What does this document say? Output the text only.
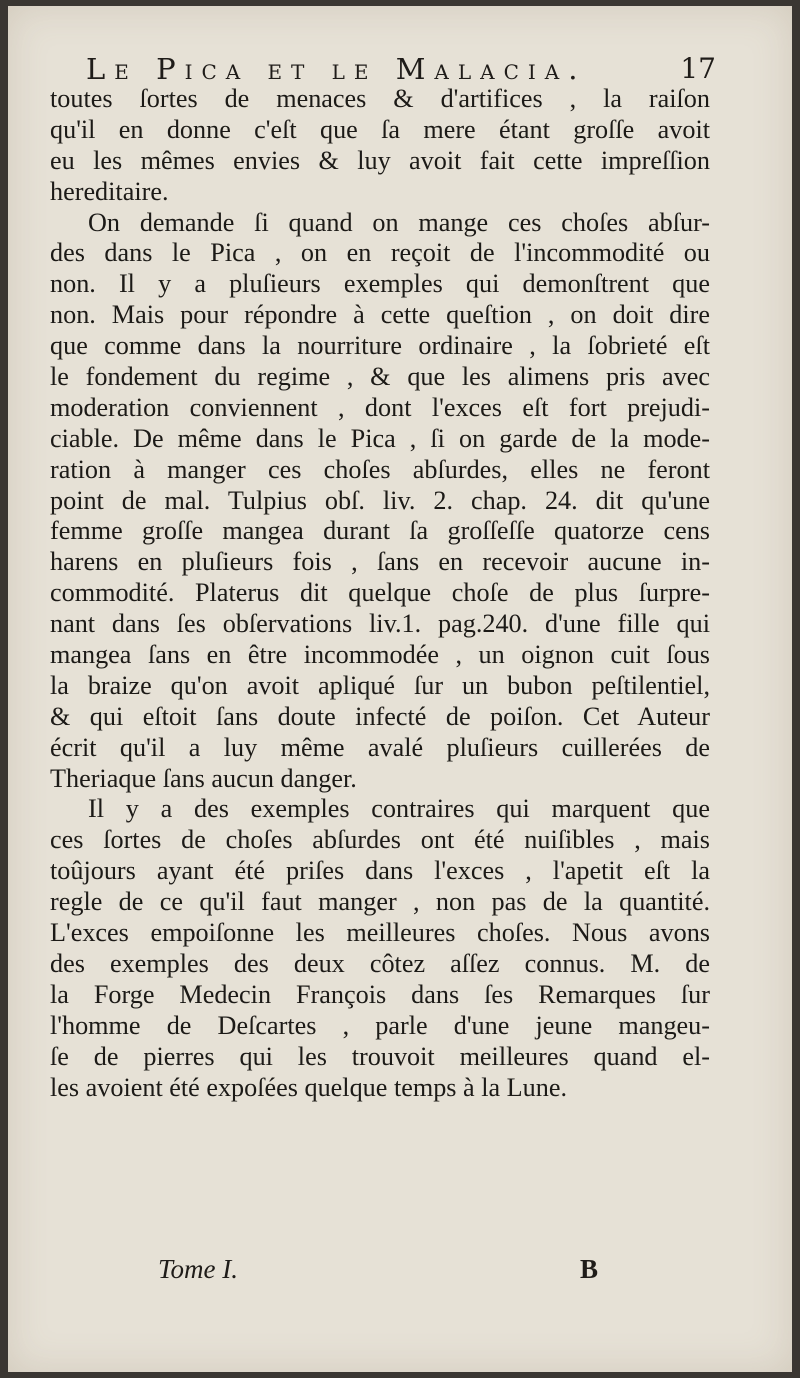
Le Pica et le Malacia.	17
toutes ſortes de menaces & d'artifices , la raiſon
qu'il en donne c'eſt que ſa mere étant groſſe avoit
eu les mêmes envies & luy avoit fait cette impreſſion
hereditaire.
On demande ſi quand on mange ces choſes abſur-
des dans le Pica , on en reçoit de l'incommodité ou
non. Il y a pluſieurs exemples qui demonſtrent que
non. Mais pour répondre à cette queſtion , on doit dire
que comme dans la nourriture ordinaire , la ſobrieté eſt
le fondement du regime , & que les alimens pris avec
moderation conviennent , dont l'exces eſt fort prejudi-
ciable. De même dans le Pica , ſi on garde de la mode-
ration à manger ces choſes abſurdes, elles ne feront
point de mal. Tulpius obſ. liv. 2. chap. 24. dit qu'une
femme groſſe mangea durant ſa groſſeſſe quatorze cens
harens en pluſieurs fois , ſans en recevoir aucune in-
commodité. Platerus dit quelque choſe de plus ſurpre-
nant dans ſes obſervations liv.1. pag.240. d'une fille qui
mangea ſans en être incommodée , un oignon cuit ſous
la braize qu'on avoit apliqué ſur un bubon peſtilentiel,
& qui eſtoit ſans doute infecté de poiſon. Cet Auteur
écrit qu'il a luy même avalé pluſieurs cuillerées de
Theriaque ſans aucun danger.
Il y a des exemples contraires qui marquent que
ces ſortes de choſes abſurdes ont été nuiſibles , mais
toûjours ayant été priſes dans l'exces , l'apetit eſt la
regle de ce qu'il faut manger , non pas de la quantité.
L'exces empoiſonne les meilleures choſes. Nous avons
des exemples des deux côtez aſſez connus. M. de
la Forge Medecin François dans ſes Remarques ſur
l'homme de Deſcartes , parle d'une jeune mangeu-
ſe de pierres qui les trouvoit meilleures quand el-
les avoient été expoſées quelque temps à la Lune.
Tome I.	B
